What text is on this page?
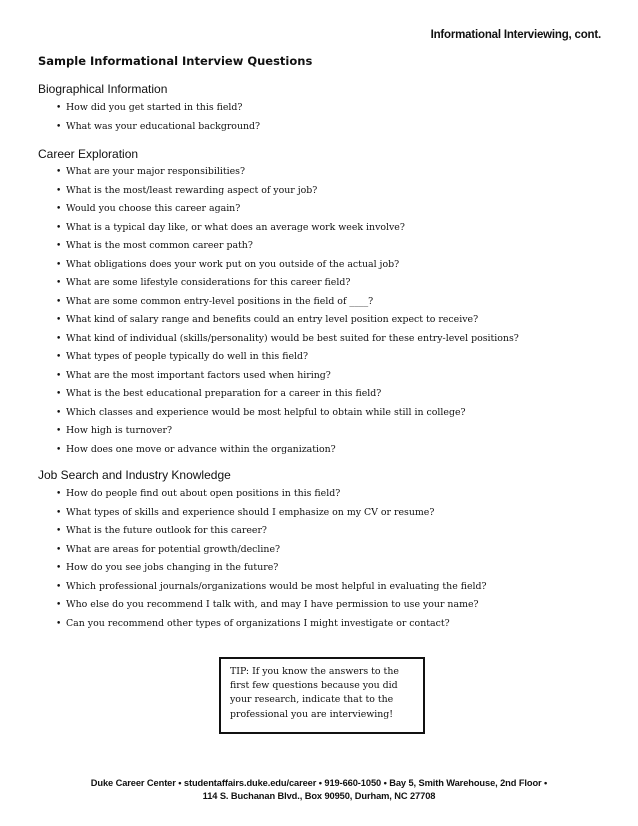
Informational Interviewing, cont.
Sample Informational Interview Questions
Biographical Information
• How did you get started in this field?
• What was your educational background?
Career Exploration
• What are your major responsibilities?
• What is the most/least rewarding aspect of your job?
• Would you choose this career again?
• What is a typical day like, or what does an average work week involve?
• What is the most common career path?
• What obligations does your work put on you outside of the actual job?
• What are some lifestyle considerations for this career field?
• What are some common entry-level positions in the field of ____?
• What kind of salary range and benefits could an entry level position expect to receive?
• What kind of individual (skills/personality) would be best suited for these entry-level positions?
• What types of people typically do well in this field?
• What are the most important factors used when hiring?
• What is the best educational preparation for a career in this field?
• Which classes and experience would be most helpful to obtain while still in college?
• How high is turnover?
• How does one move or advance within the organization?
Job Search and Industry Knowledge
• How do people find out about open positions in this field?
• What types of skills and experience should I emphasize on my CV or resume?
• What is the future outlook for this career?
• What are areas for potential growth/decline?
• How do you see jobs changing in the future?
• Which professional journals/organizations would be most helpful in evaluating the field?
• Who else do you recommend I talk with, and may I have permission to use your name?
• Can you recommend other types of organizations I might investigate or contact?
TIP: If you know the answers to the
first few questions because you did
your research, indicate that to the
professional you are interviewing!
Duke Career Center • studentaffairs.duke.edu/career • 919-660-1050 • Bay 5, Smith Warehouse, 2nd Floor •
114 S. Buchanan Blvd., Box 90950, Durham, NC 27708
